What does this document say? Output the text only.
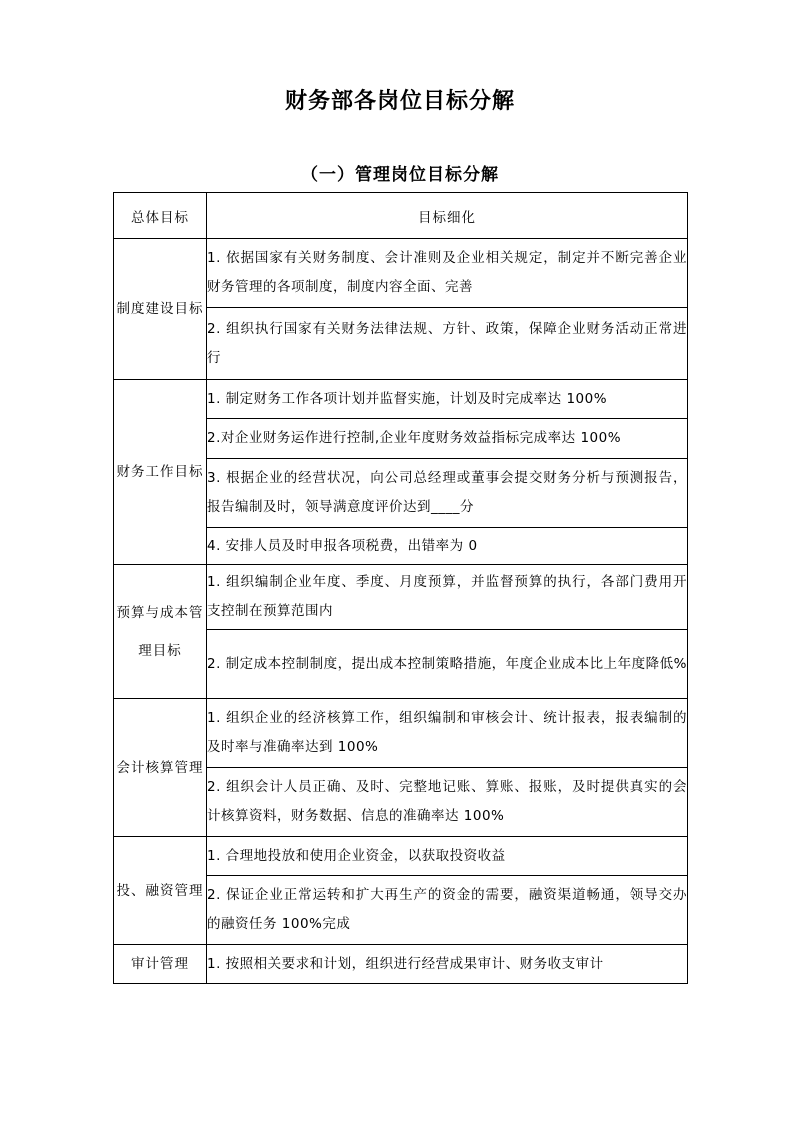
财务部各岗位目标分解
（一）管理岗位目标分解
总体目标	目标细化
制度建设目标	1. 依据国家有关财务制度、会计准则及企业相关规定，制定并不断完善企业财务管理的各项制度，制度内容全面、完善
	2. 组织执行国家有关财务法律法规、方针、政策，保障企业财务活动正常进行
财务工作目标	1. 制定财务工作各项计划并监督实施，计划及时完成率达 100%
	2.对企业财务运作进行控制,企业年度财务效益指标完成率达 100%
	3. 根据企业的经营状况，向公司总经理或董事会提交财务分析与预测报告，报告编制及时，领导满意度评价达到____分
	4. 安排人员及时申报各项税费，出错率为 0
预算与成本管理目标	1. 组织编制企业年度、季度、月度预算，并监督预算的执行，各部门费用开支控制在预算范围内
	2. 制定成本控制制度，提出成本控制策略措施，年度企业成本比上年度降低%
会计核算管理	1. 组织企业的经济核算工作，组织编制和审核会计、统计报表，报表编制的及时率与准确率达到 100%
	2. 组织会计人员正确、及时、完整地记账、算账、报账，及时提供真实的会计核算资料，财务数据、信息的准确率达 100%
投、融资管理	1. 合理地投放和使用企业资金，以获取投资收益
	2. 保证企业正常运转和扩大再生产的资金的需要，融资渠道畅通，领导交办的融资任务 100%完成
审计管理	1. 按照相关要求和计划，组织进行经营成果审计、财务收支审计
